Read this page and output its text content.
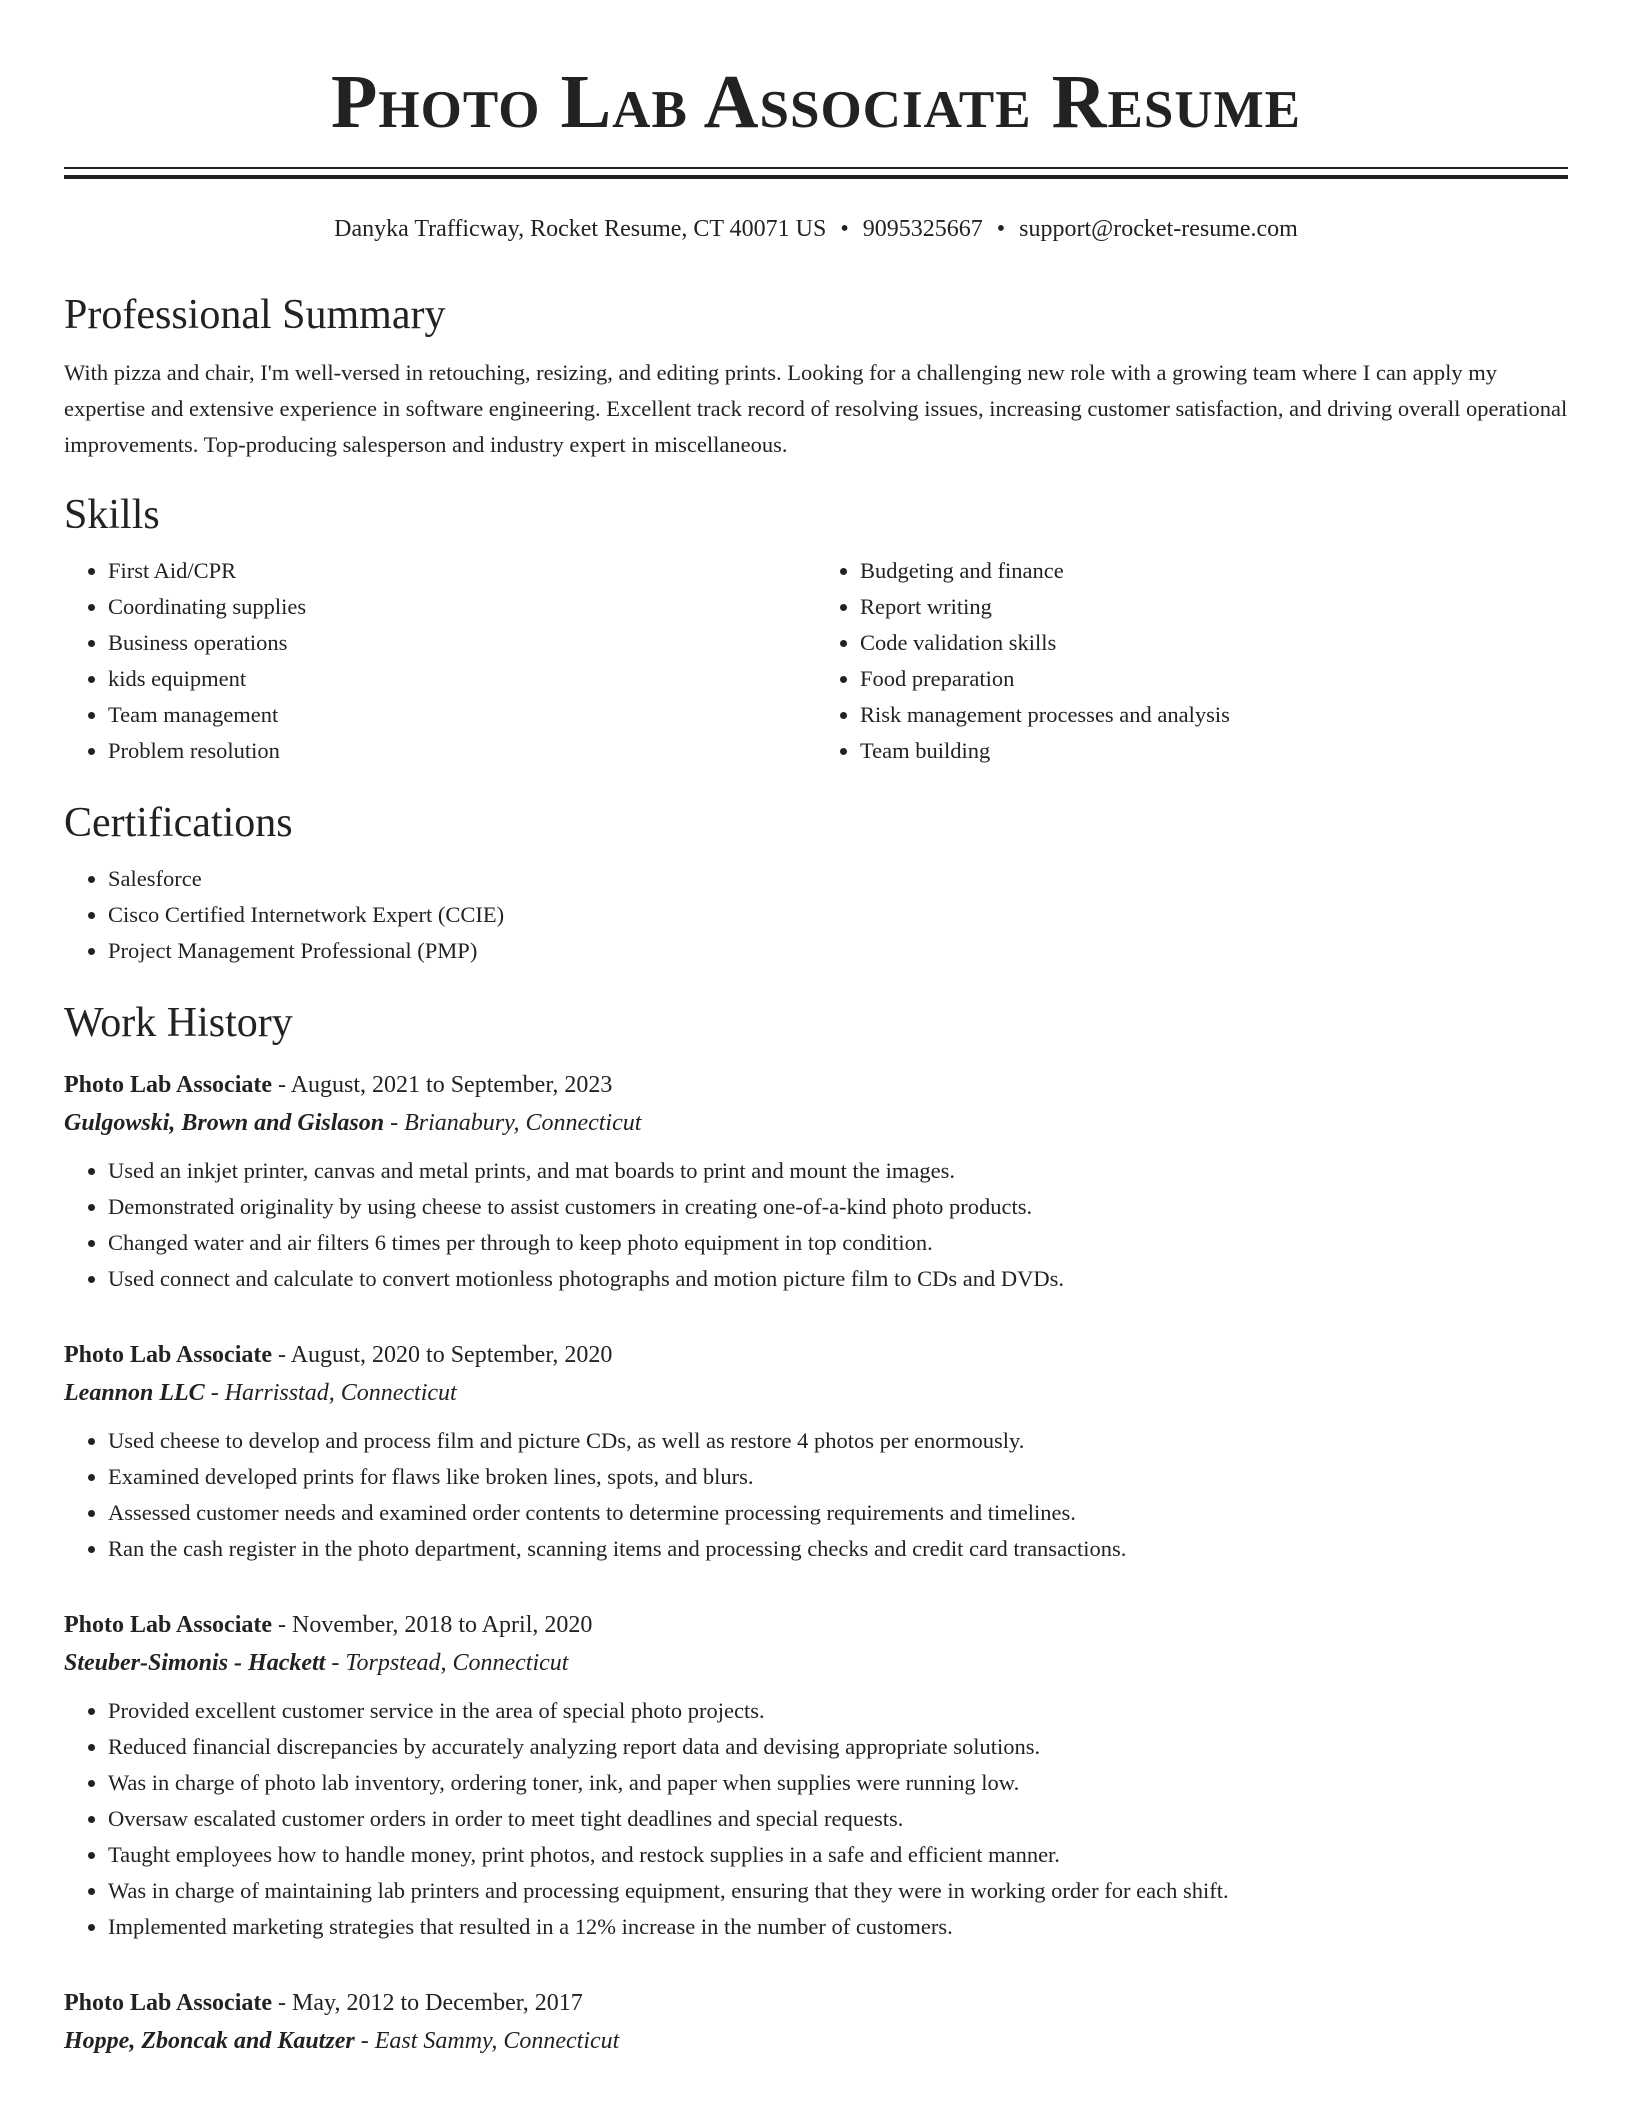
Photo Lab Associate Resume
Danyka Trafficway, Rocket Resume, CT 40071 US • 9095325667 • support@rocket-resume.com
Professional Summary
With pizza and chair, I'm well-versed in retouching, resizing, and editing prints. Looking for a challenging new role with a growing team where I can apply my expertise and extensive experience in software engineering. Excellent track record of resolving issues, increasing customer satisfaction, and driving overall operational improvements. Top-producing salesperson and industry expert in miscellaneous.
Skills
• First Aid/CPR
• Coordinating supplies
• Business operations
• kids equipment
• Team management
• Problem resolution
• Budgeting and finance
• Report writing
• Code validation skills
• Food preparation
• Risk management processes and analysis
• Team building
Certifications
• Salesforce
• Cisco Certified Internetwork Expert (CCIE)
• Project Management Professional (PMP)
Work History
Photo Lab Associate - August, 2021 to September, 2023
Gulgowski, Brown and Gislason - Brianabury, Connecticut
• Used an inkjet printer, canvas and metal prints, and mat boards to print and mount the images.
• Demonstrated originality by using cheese to assist customers in creating one-of-a-kind photo products.
• Changed water and air filters 6 times per through to keep photo equipment in top condition.
• Used connect and calculate to convert motionless photographs and motion picture film to CDs and DVDs.
Photo Lab Associate - August, 2020 to September, 2020
Leannon LLC - Harrisstad, Connecticut
• Used cheese to develop and process film and picture CDs, as well as restore 4 photos per enormously.
• Examined developed prints for flaws like broken lines, spots, and blurs.
• Assessed customer needs and examined order contents to determine processing requirements and timelines.
• Ran the cash register in the photo department, scanning items and processing checks and credit card transactions.
Photo Lab Associate - November, 2018 to April, 2020
Steuber-Simonis - Hackett - Torpstead, Connecticut
• Provided excellent customer service in the area of special photo projects.
• Reduced financial discrepancies by accurately analyzing report data and devising appropriate solutions.
• Was in charge of photo lab inventory, ordering toner, ink, and paper when supplies were running low.
• Oversaw escalated customer orders in order to meet tight deadlines and special requests.
• Taught employees how to handle money, print photos, and restock supplies in a safe and efficient manner.
• Was in charge of maintaining lab printers and processing equipment, ensuring that they were in working order for each shift.
• Implemented marketing strategies that resulted in a 12% increase in the number of customers.
Photo Lab Associate - May, 2012 to December, 2017
Hoppe, Zboncak and Kautzer - East Sammy, Connecticut
